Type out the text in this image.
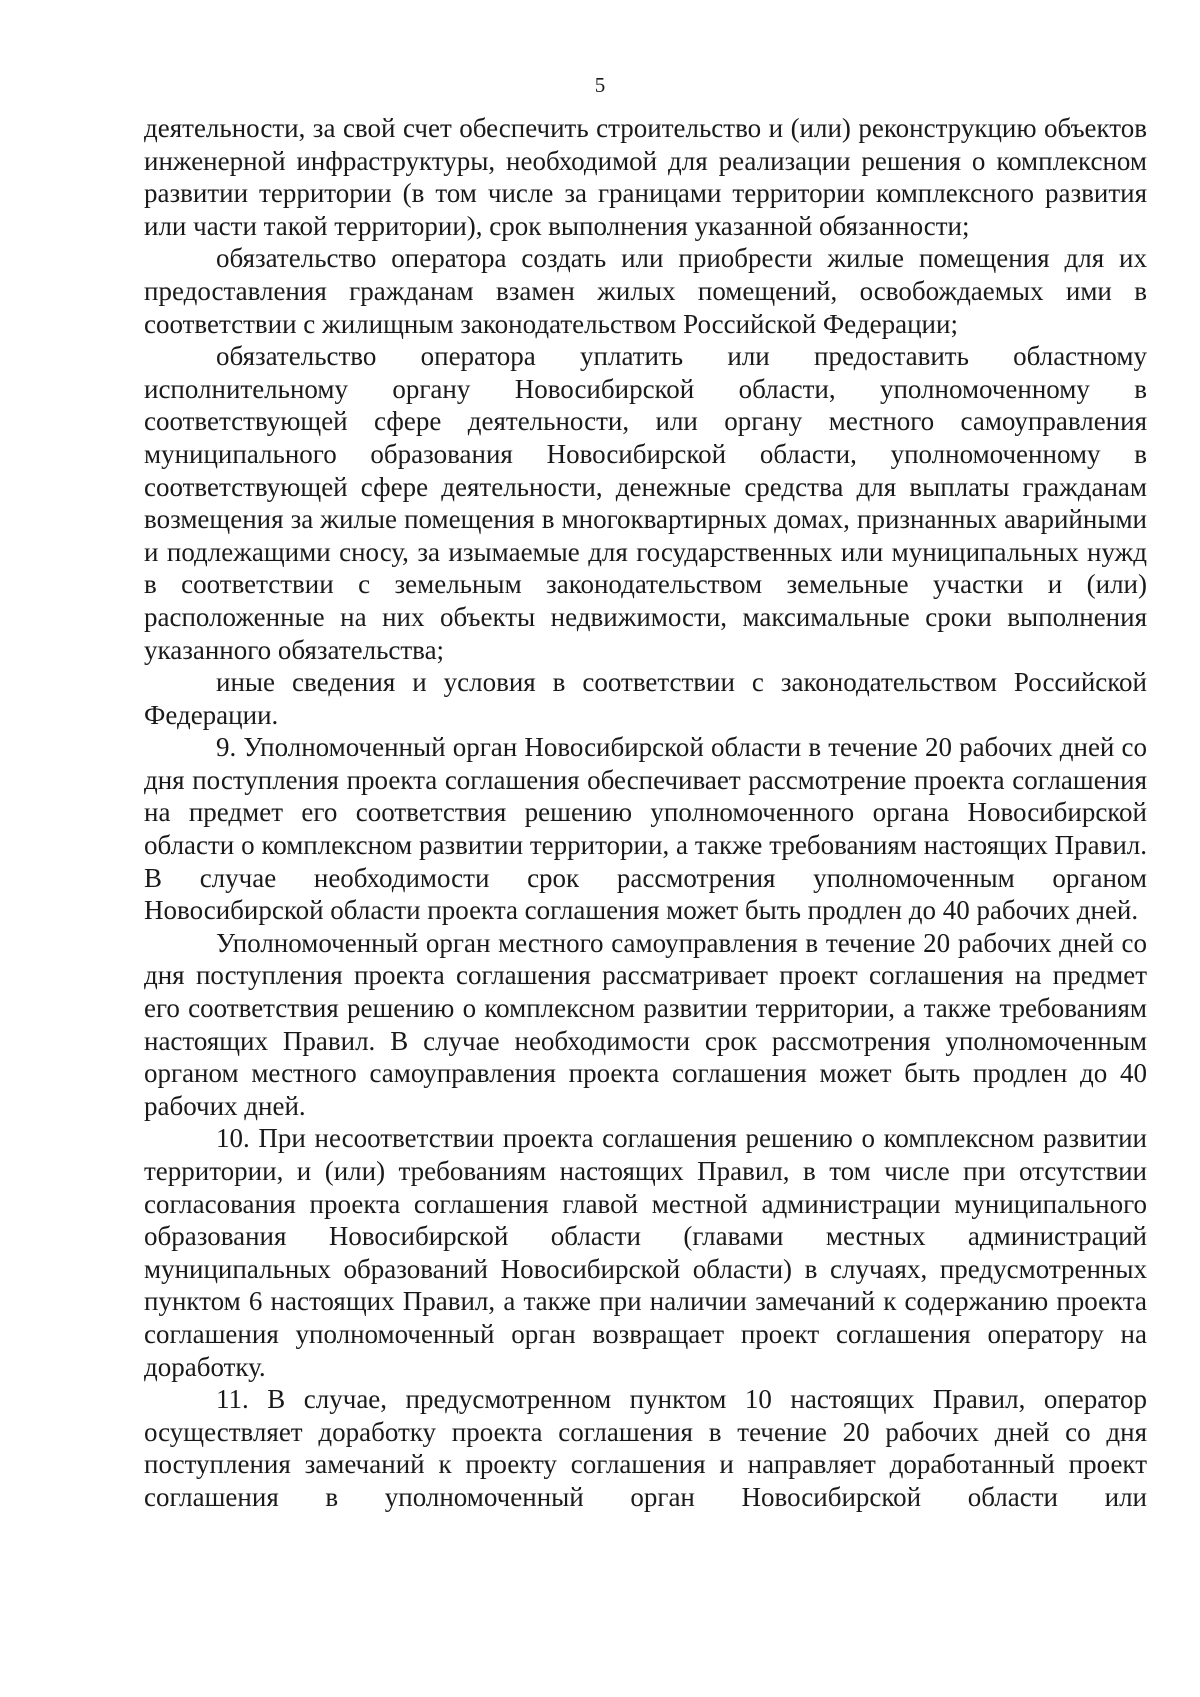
5

деятельности, за свой счет обеспечить строительство и (или) реконструкцию объектов инженерной инфраструктуры, необходимой для реализации решения о комплексном развитии территории (в том числе за границами территории комплексного развития или части такой территории), срок выполнения указанной обязанности;

обязательство оператора создать или приобрести жилые помещения для их предоставления гражданам взамен жилых помещений, освобождаемых ими в соответствии с жилищным законодательством Российской Федерации;

обязательство оператора уплатить или предоставить областному исполнительному органу Новосибирской области, уполномоченному в соответствующей сфере деятельности, или органу местного самоуправления муниципального образования Новосибирской области, уполномоченному в соответствующей сфере деятельности, денежные средства для выплаты гражданам возмещения за жилые помещения в многоквартирных домах, признанных аварийными и подлежащими сносу, за изымаемые для государственных или муниципальных нужд в соответствии с земельным законодательством земельные участки и (или) расположенные на них объекты недвижимости, максимальные сроки выполнения указанного обязательства;

иные сведения и условия в соответствии с законодательством Российской Федерации.

9. Уполномоченный орган Новосибирской области в течение 20 рабочих дней со дня поступления проекта соглашения обеспечивает рассмотрение проекта соглашения на предмет его соответствия решению уполномоченного органа Новосибирской области о комплексном развитии территории, а также требованиям настоящих Правил. В случае необходимости срок рассмотрения уполномоченным органом Новосибирской области проекта соглашения может быть продлен до 40 рабочих дней.

Уполномоченный орган местного самоуправления в течение 20 рабочих дней со дня поступления проекта соглашения рассматривает проект соглашения на предмет его соответствия решению о комплексном развитии территории, а также требованиям настоящих Правил. В случае необходимости срок рассмотрения уполномоченным органом местного самоуправления проекта соглашения может быть продлен до 40 рабочих дней.

10. При несоответствии проекта соглашения решению о комплексном развитии территории, и (или) требованиям настоящих Правил, в том числе при отсутствии согласования проекта соглашения главой местной администрации муниципального образования Новосибирской области (главами местных администраций муниципальных образований Новосибирской области) в случаях, предусмотренных пунктом 6 настоящих Правил, а также при наличии замечаний к содержанию проекта соглашения уполномоченный орган возвращает проект соглашения оператору на доработку.

11. В случае, предусмотренном пунктом 10 настоящих Правил, оператор осуществляет доработку проекта соглашения в течение 20 рабочих дней со дня поступления замечаний к проекту соглашения и направляет доработанный проект соглашения в уполномоченный орган Новосибирской области или
